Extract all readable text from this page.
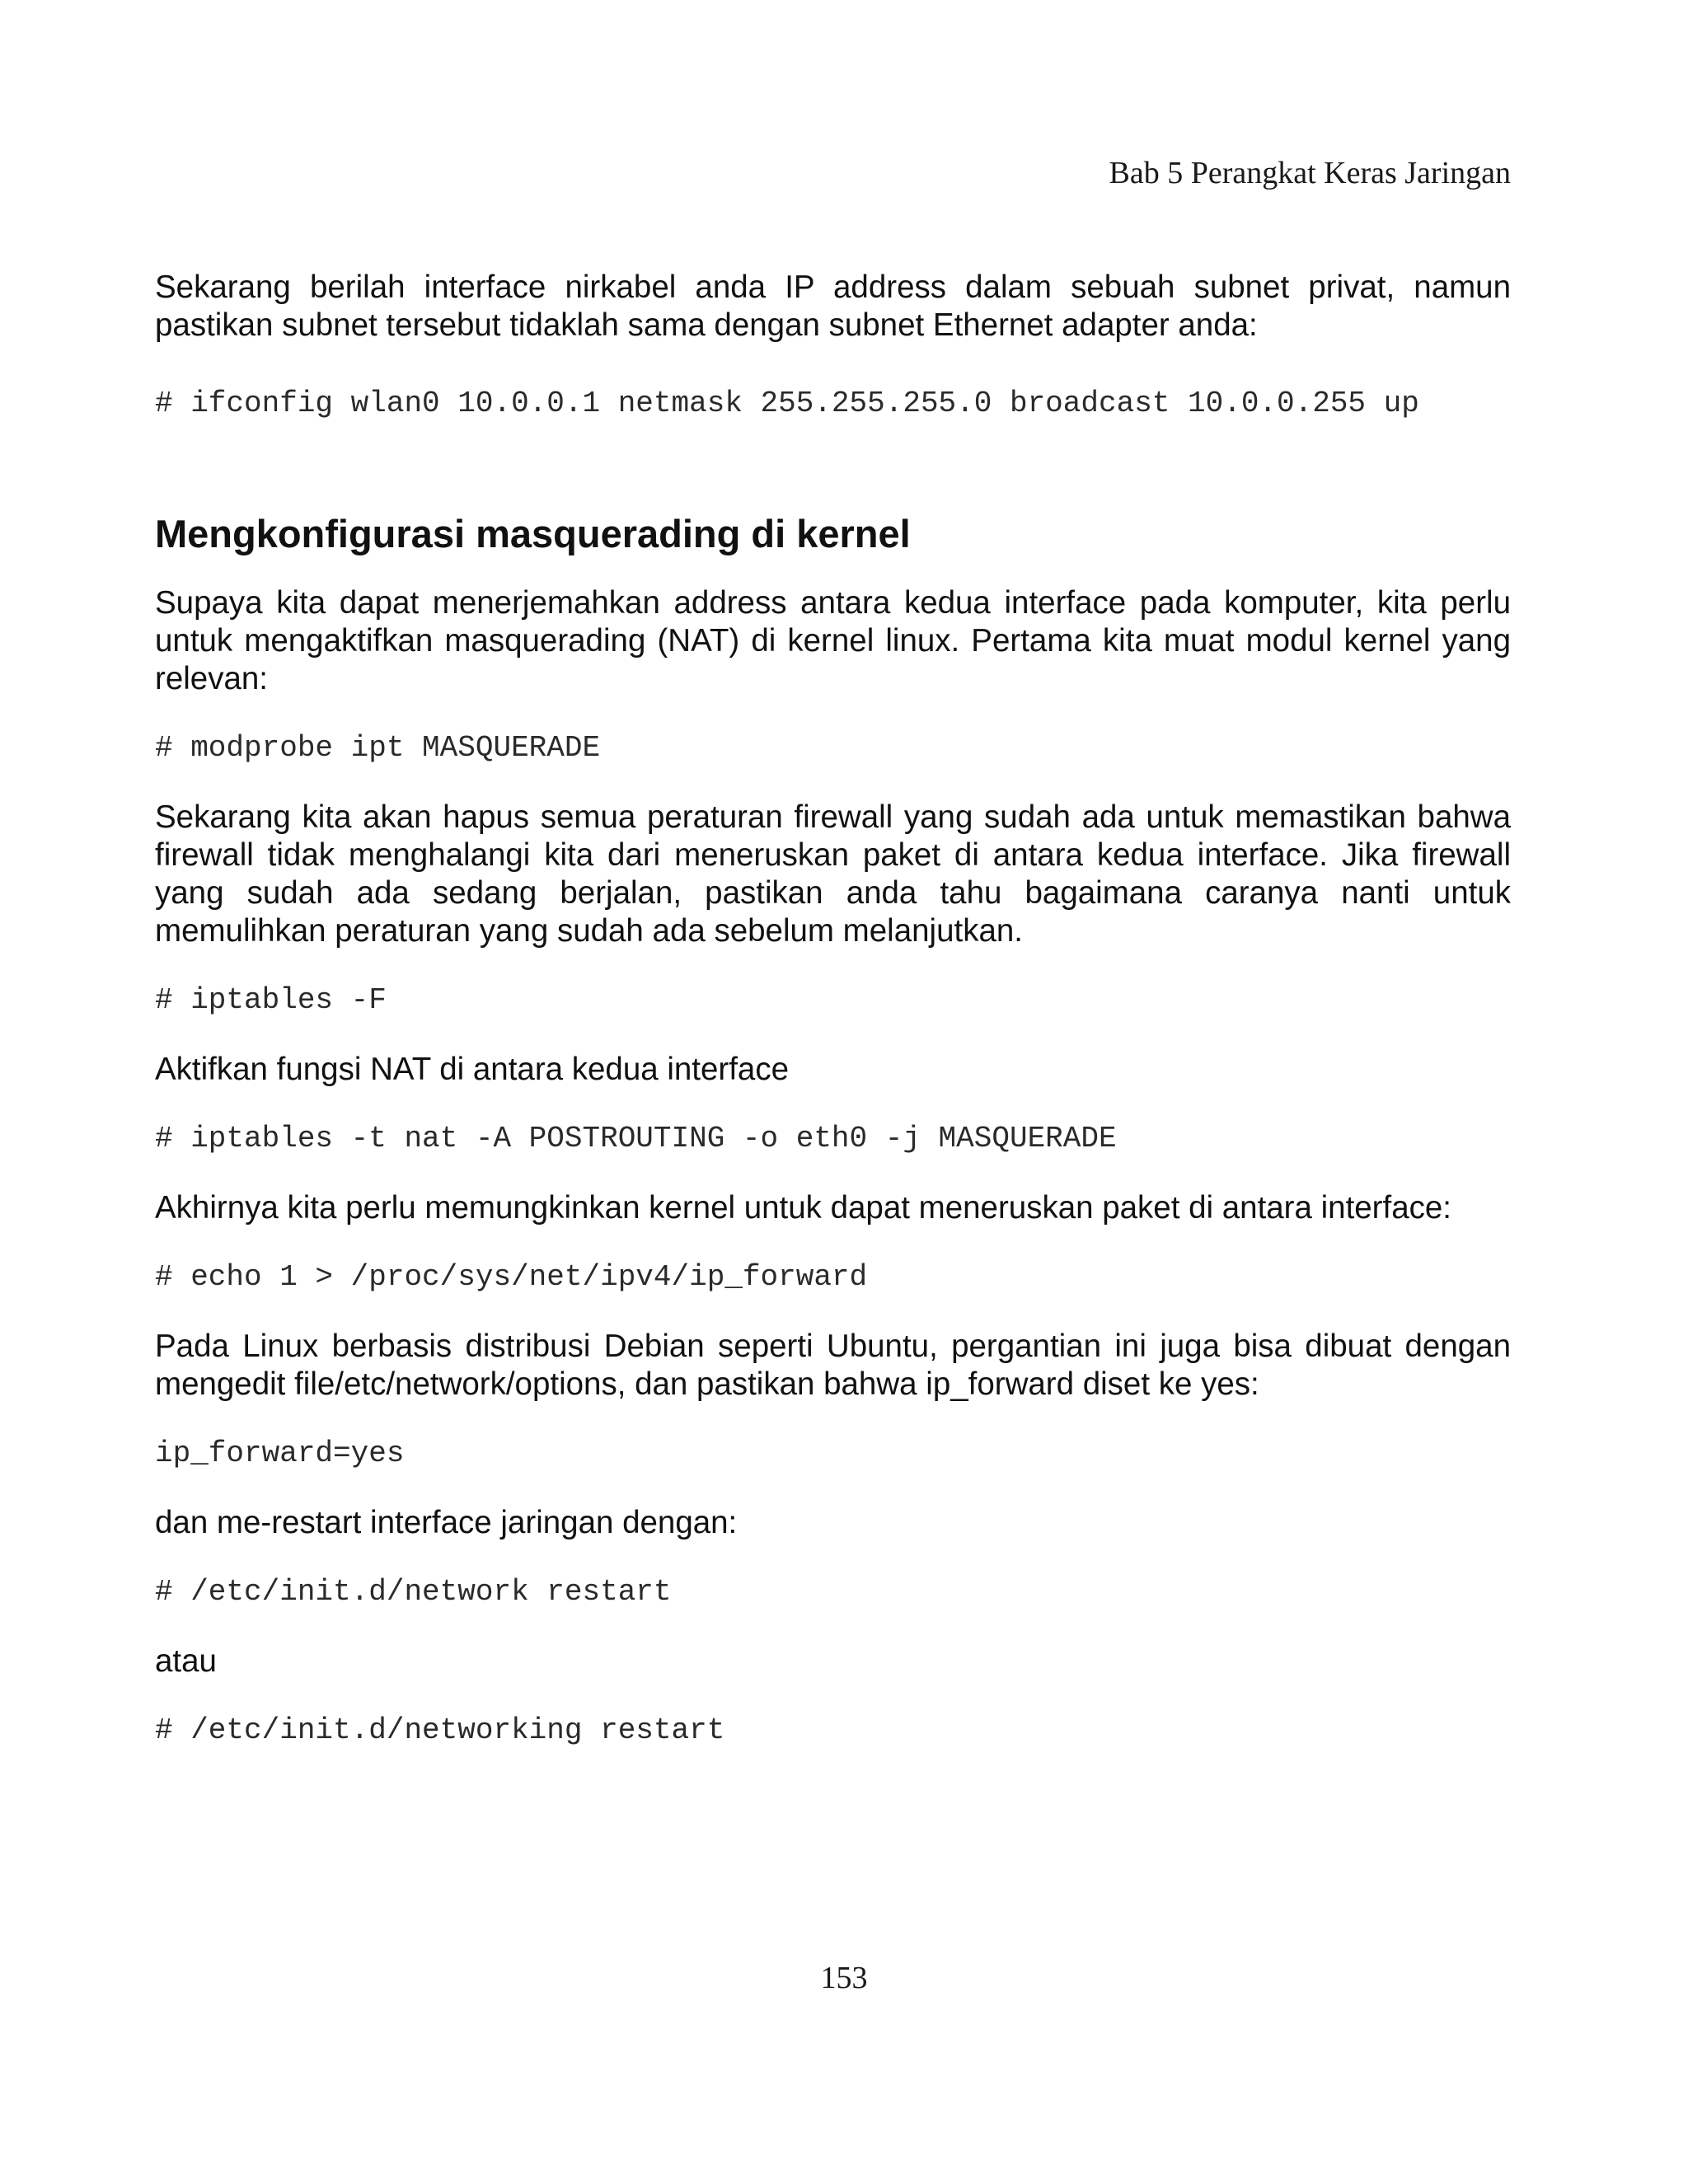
Bab 5 Perangkat Keras Jaringan

Sekarang berilah interface nirkabel anda IP address dalam sebuah subnet privat, namun pastikan subnet tersebut tidaklah sama dengan subnet Ethernet adapter anda:

# ifconfig wlan0 10.0.0.1 netmask 255.255.255.0 broadcast 10.0.0.255 up
Mengkonfigurasi masquerading di kernel

Supaya kita dapat menerjemahkan address antara kedua interface pada komputer, kita perlu untuk mengaktifkan masquerading (NAT) di kernel linux. Pertama kita muat modul kernel yang relevan:

# modprobe ipt MASQUERADE

Sekarang kita akan hapus semua peraturan firewall yang sudah ada untuk memastikan bahwa firewall tidak menghalangi kita dari meneruskan paket di antara kedua interface. Jika firewall yang sudah ada sedang berjalan, pastikan anda tahu bagaimana caranya nanti untuk memulihkan peraturan yang sudah ada sebelum melanjutkan.

# iptables -F

Aktifkan fungsi NAT di antara kedua interface

# iptables -t nat -A POSTROUTING -o eth0 -j MASQUERADE

Akhirnya kita perlu memungkinkan kernel untuk dapat meneruskan paket di antara interface:

# echo 1 > /proc/sys/net/ipv4/ip_forward

Pada Linux berbasis distribusi Debian seperti Ubuntu, pergantian ini juga bisa dibuat dengan mengedit file/etc/network/options, dan pastikan bahwa ip_forward diset ke yes:

ip_forward=yes

dan me-restart interface jaringan dengan:

# /etc/init.d/network restart

atau

# /etc/init.d/networking restart
153
